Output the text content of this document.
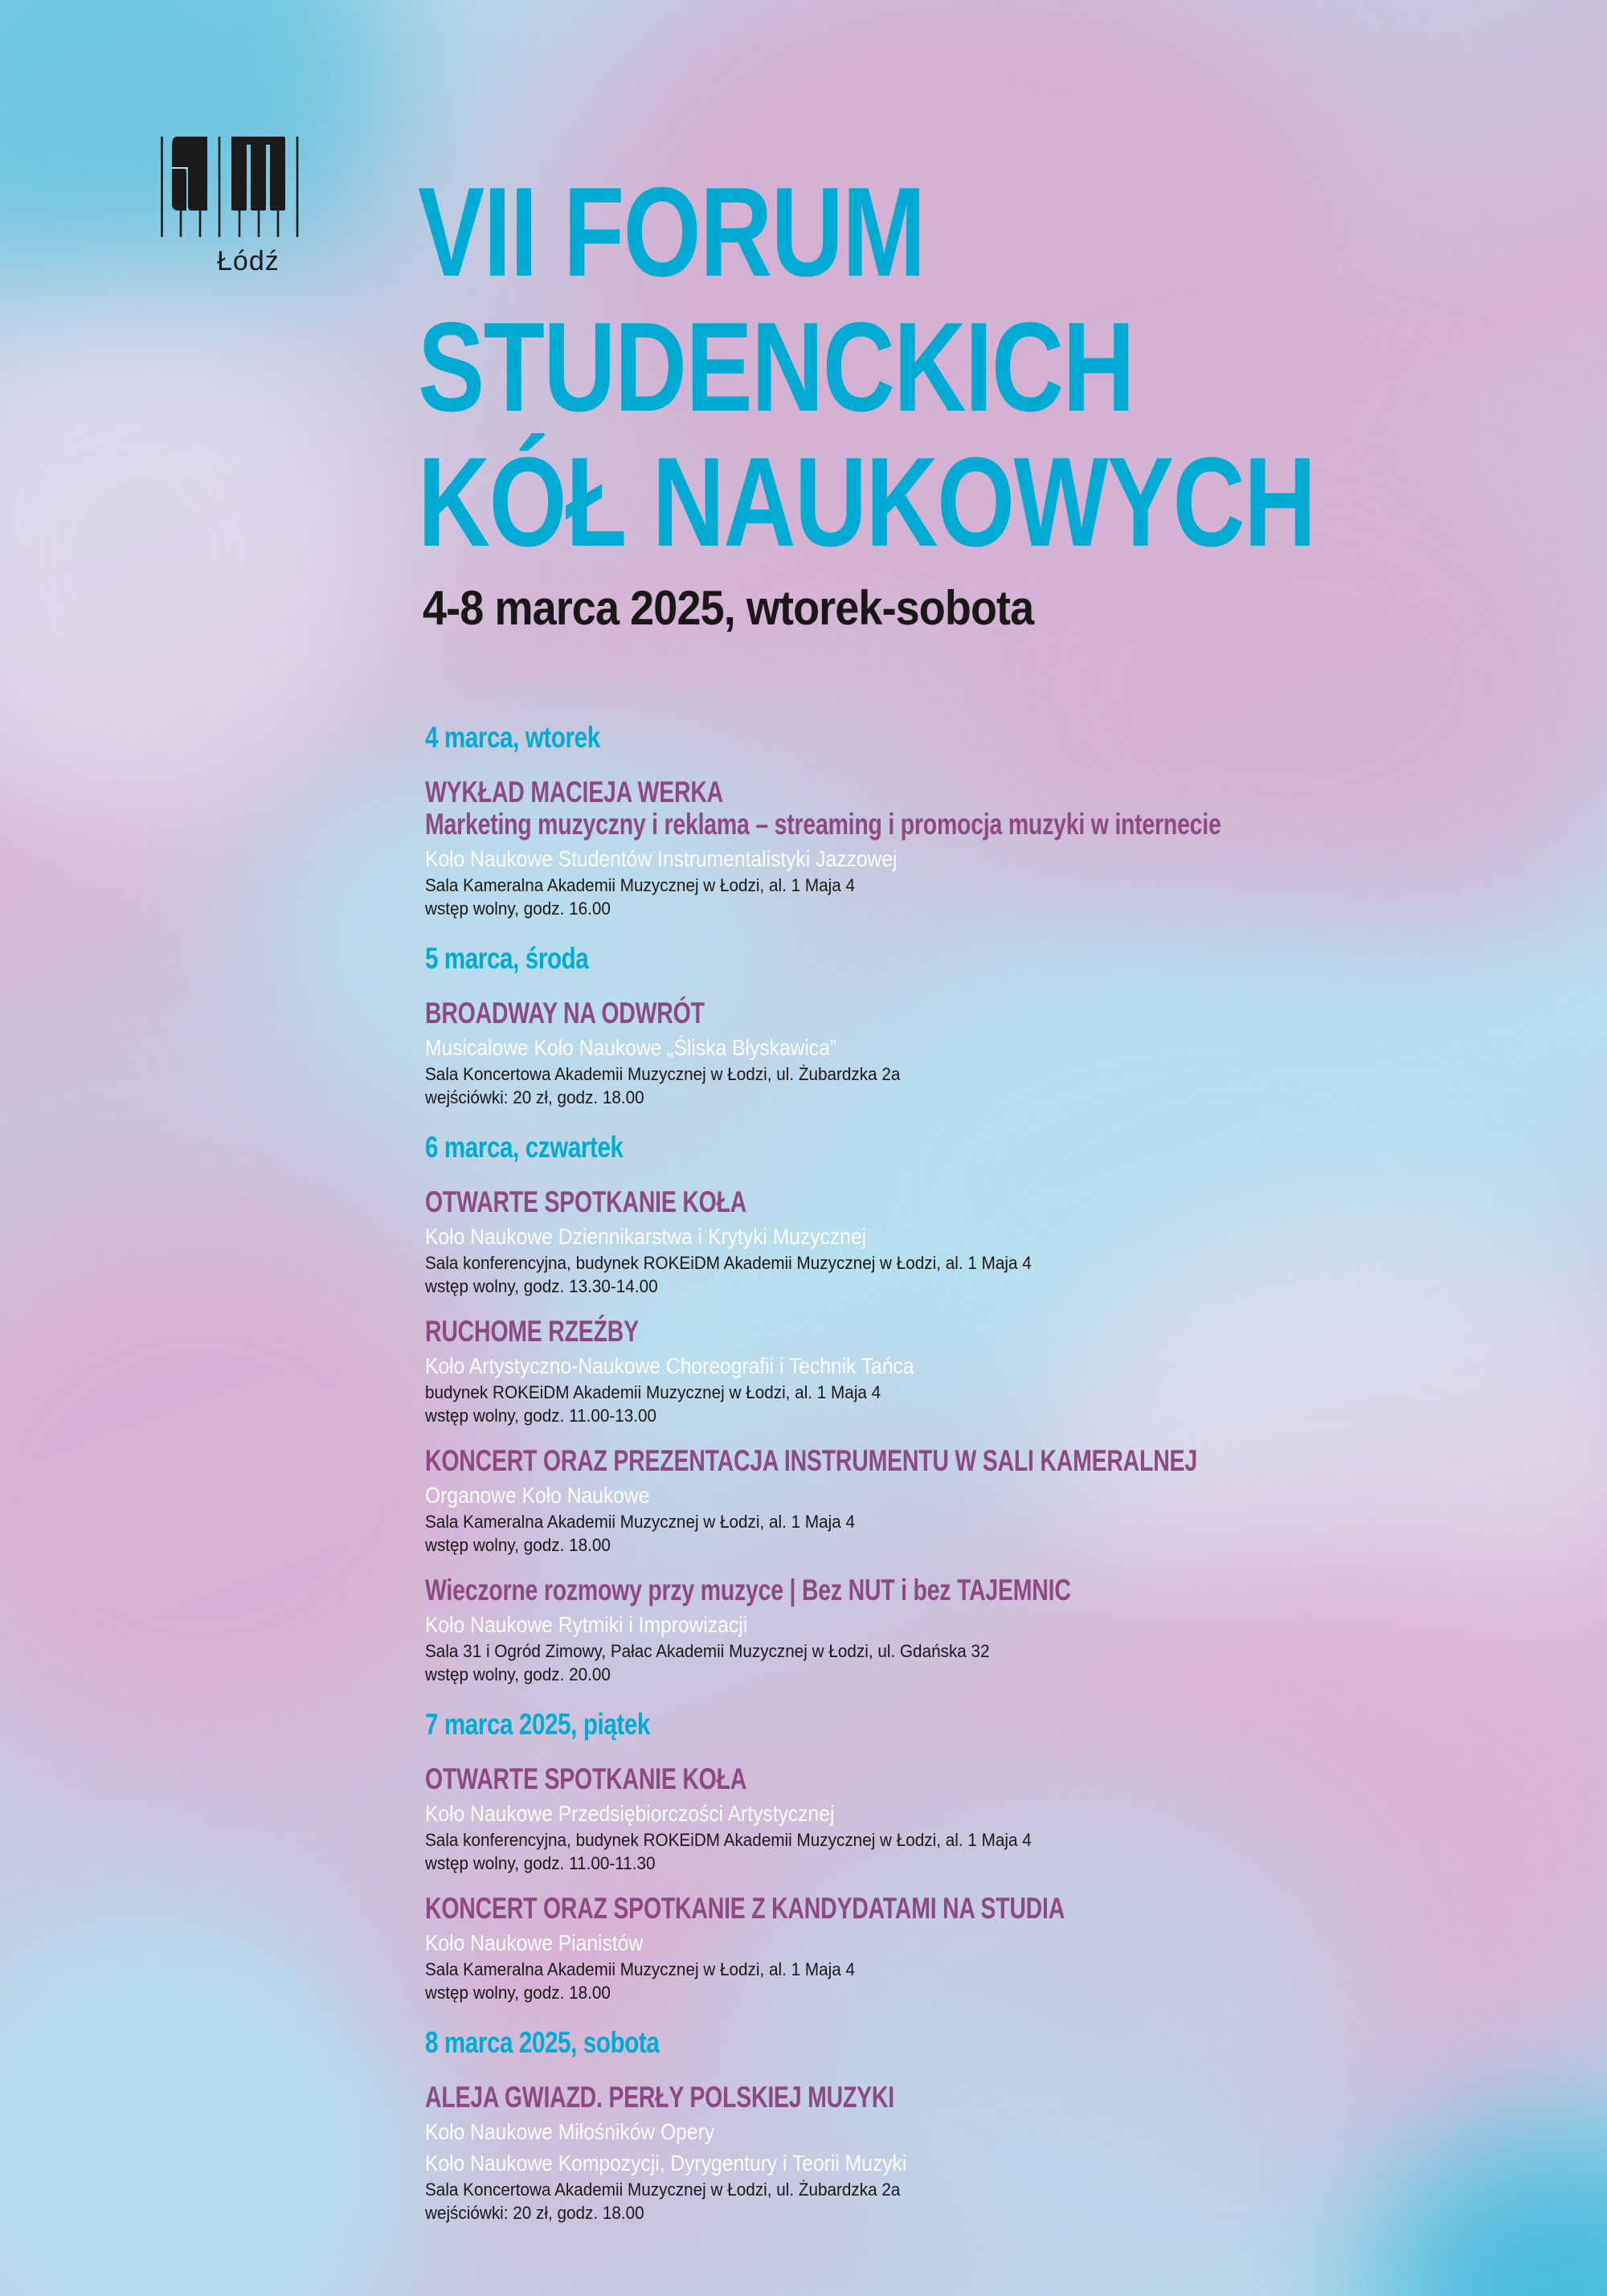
Łódź VII FORUM
STUDENCKICH
KÓŁ NAUKOWYCH
4-8 marca 2025, wtorek-sobota
4 marca, wtorek
WYKŁAD MACIEJA WERKA
Marketing muzyczny i reklama – streaming i promocja muzyki w internecie
Koło Naukowe Studentów Instrumentalistyki Jazzowej
Sala Kameralna Akademii Muzycznej w Łodzi, al. 1 Maja 4
wstęp wolny, godz. 16.00
5 marca, środa
BROADWAY NA ODWRÓT
Musicalowe Koło Naukowe „Śliska Błyskawica”
Sala Koncertowa Akademii Muzycznej w Łodzi, ul. Żubardzka 2a
wejściówki: 20 zł, godz. 18.00
6 marca, czwartek
OTWARTE SPOTKANIE KOŁA
Koło Naukowe Dziennikarstwa i Krytyki Muzycznej
Sala konferencyjna, budynek ROKEiDM Akademii Muzycznej w Łodzi, al. 1 Maja 4
wstęp wolny, godz. 13.30-14.00
RUCHOME RZEŹBY
Koło Artystyczno-Naukowe Choreografii i Technik Tańca
budynek ROKEiDM Akademii Muzycznej w Łodzi, al. 1 Maja 4
wstęp wolny, godz. 11.00-13.00
KONCERT ORAZ PREZENTACJA INSTRUMENTU W SALI KAMERALNEJ
Organowe Koło Naukowe
Sala Kameralna Akademii Muzycznej w Łodzi, al. 1 Maja 4
wstęp wolny, godz. 18.00
Wieczorne rozmowy przy muzyce | Bez NUT i bez TAJEMNIC
Koło Naukowe Rytmiki i Improwizacji
Sala 31 i Ogród Zimowy, Pałac Akademii Muzycznej w Łodzi, ul. Gdańska 32
wstęp wolny, godz. 20.00
7 marca 2025, piątek
OTWARTE SPOTKANIE KOŁA
Koło Naukowe Przedsiębiorczości Artystycznej
Sala konferencyjna, budynek ROKEiDM Akademii Muzycznej w Łodzi, al. 1 Maja 4
wstęp wolny, godz. 11.00-11.30
KONCERT ORAZ SPOTKANIE Z KANDYDATAMI NA STUDIA
Koło Naukowe Pianistów
Sala Kameralna Akademii Muzycznej w Łodzi, al. 1 Maja 4
wstęp wolny, godz. 18.00
8 marca 2025, sobota
ALEJA GWIAZD. PERŁY POLSKIEJ MUZYKI
Koło Naukowe Miłośników Opery
Koło Naukowe Kompozycji, Dyrygentury i Teorii Muzyki
Sala Koncertowa Akademii Muzycznej w Łodzi, ul. Żubardzka 2a
wejściówki: 20 zł, godz. 18.00
